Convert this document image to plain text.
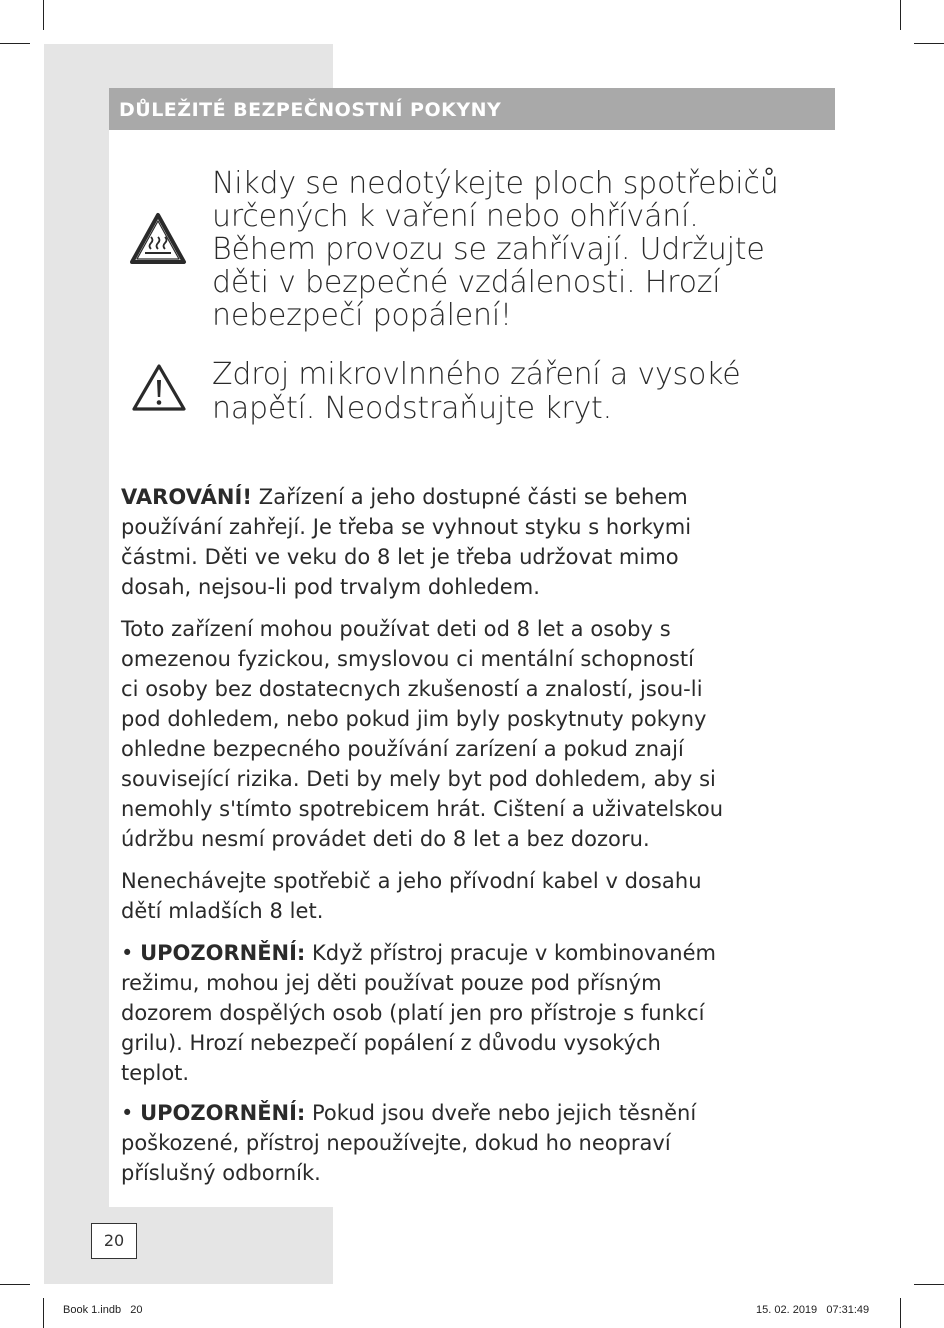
DŮLEŽITÉ BEZPEČNOSTNÍ POKYNY
Nikdy se nedotýkejte ploch spotřebičů
určených k vaření nebo ohřívání.
Během provozu se zahřívají. Udržujte
děti v bezpečné vzdálenosti. Hrozí
nebezpečí popálení!
Zdroj mikrovlnného záření a vysoké
napětí. Neodstraňujte kryt.
VAROVÁNÍ! Zařízení a jeho dostupné části se behem
používání zahřejí. Je třeba se vyhnout styku s horkymi
částmi. Děti ve veku do 8 let je třeba udržovat mimo
dosah, nejsou-li pod trvalym dohledem.
Toto zařízení mohou používat deti od 8 let a osoby s
omezenou fyzickou, smyslovou ci mentální schopností
ci osoby bez dostatecnych zkušeností a znalostí, jsou-li
pod dohledem, nebo pokud jim byly poskytnuty pokyny
ohledne bezpecného používání zarízení a pokud znají
související rizika. Deti by mely byt pod dohledem, aby si
nemohly s'tímto spotrebicem hrát. Cištení a uživatelskou
údržbu nesmí provádet deti do 8 let a bez dozoru.
Nenechávejte spotřebič a jeho přívodní kabel v dosahu
dětí mladších 8 let.
• UPOZORNĚNÍ: Když přístroj pracuje v kombinovaném
režimu, mohou jej děti používat pouze pod přísným
dozorem dospělých osob (platí jen pro přístroje s funkcí
grilu). Hrozí nebezpečí popálení z důvodu vysokých
teplot.
• UPOZORNĚNÍ: Pokud jsou dveře nebo jejich těsnění
poškozené, přístroj nepoužívejte, dokud ho neopraví
příslušný odborník.
20
Book 1.indb   20	15. 02. 2019   07:31:49
